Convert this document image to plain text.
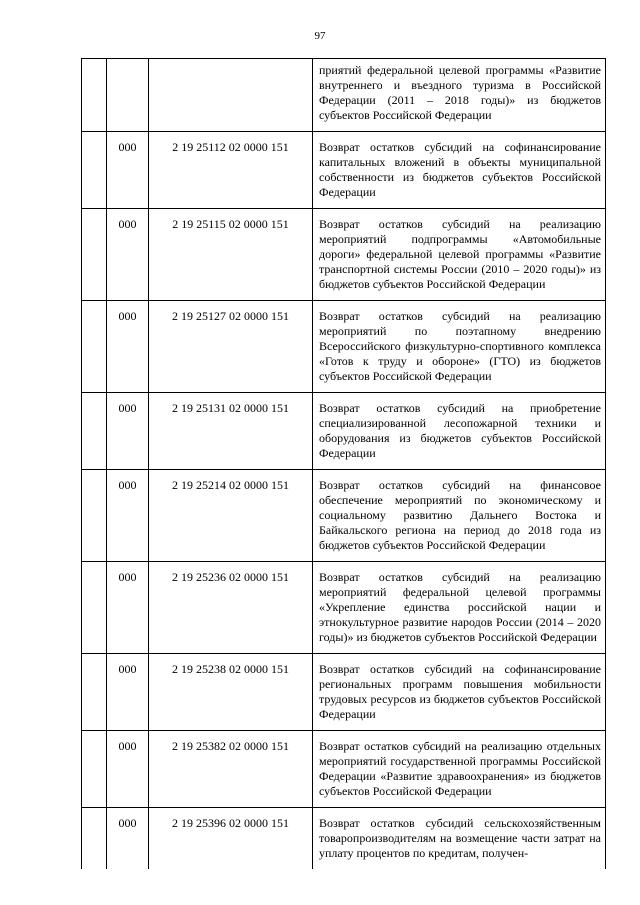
97

			приятий федеральной целевой программы «Развитие внутреннего и въездного туризма в Российской Федерации (2011 – 2018 годы)» из бюджетов субъектов Российской Федерации

	000	2 19 25112 02 0000 151	Возврат остатков субсидий на софинансирование капитальных вложений в объекты муниципальной собственности из бюджетов субъектов Российской Федерации

	000	2 19 25115 02 0000 151	Возврат остатков субсидий на реализацию мероприятий подпрограммы «Автомобильные дороги» федеральной целевой программы «Развитие транспортной системы России (2010 – 2020 годы)» из бюджетов субъектов Российской Федерации

	000	2 19 25127 02 0000 151	Возврат остатков субсидий на реализацию мероприятий по поэтапному внедрению Всероссийского физкультурно-спортивного комплекса «Готов к труду и обороне» (ГТО) из бюджетов субъектов Российской Федерации

	000	2 19 25131 02 0000 151	Возврат остатков субсидий на приобретение специализированной лесопожарной техники и оборудования из бюджетов субъектов Российской Федерации

	000	2 19 25214 02 0000 151	Возврат остатков субсидий на финансовое обеспечение мероприятий по экономическому и социальному развитию Дальнего Востока и Байкальского региона на период до 2018 года из бюджетов субъектов Российской Федерации

	000	2 19 25236 02 0000 151	Возврат остатков субсидий на реализацию мероприятий федеральной целевой программы «Укрепление единства российской нации и этнокультурное развитие народов России (2014 – 2020 годы)» из бюджетов субъектов Российской Федерации

	000	2 19 25238 02 0000 151	Возврат остатков субсидий на софинансирование региональных программ повышения мобильности трудовых ресурсов из бюджетов субъектов Российской Федерации

	000	2 19 25382 02 0000 151	Возврат остатков субсидий на реализацию отдельных мероприятий государственной программы Российской Федерации «Развитие здравоохранения» из бюджетов субъектов Российской Федерации

	000	2 19 25396 02 0000 151	Возврат остатков субсидий сельскохозяйственным товаропроизводителям на возмещение части затрат на уплату процентов по кредитам, получен-
